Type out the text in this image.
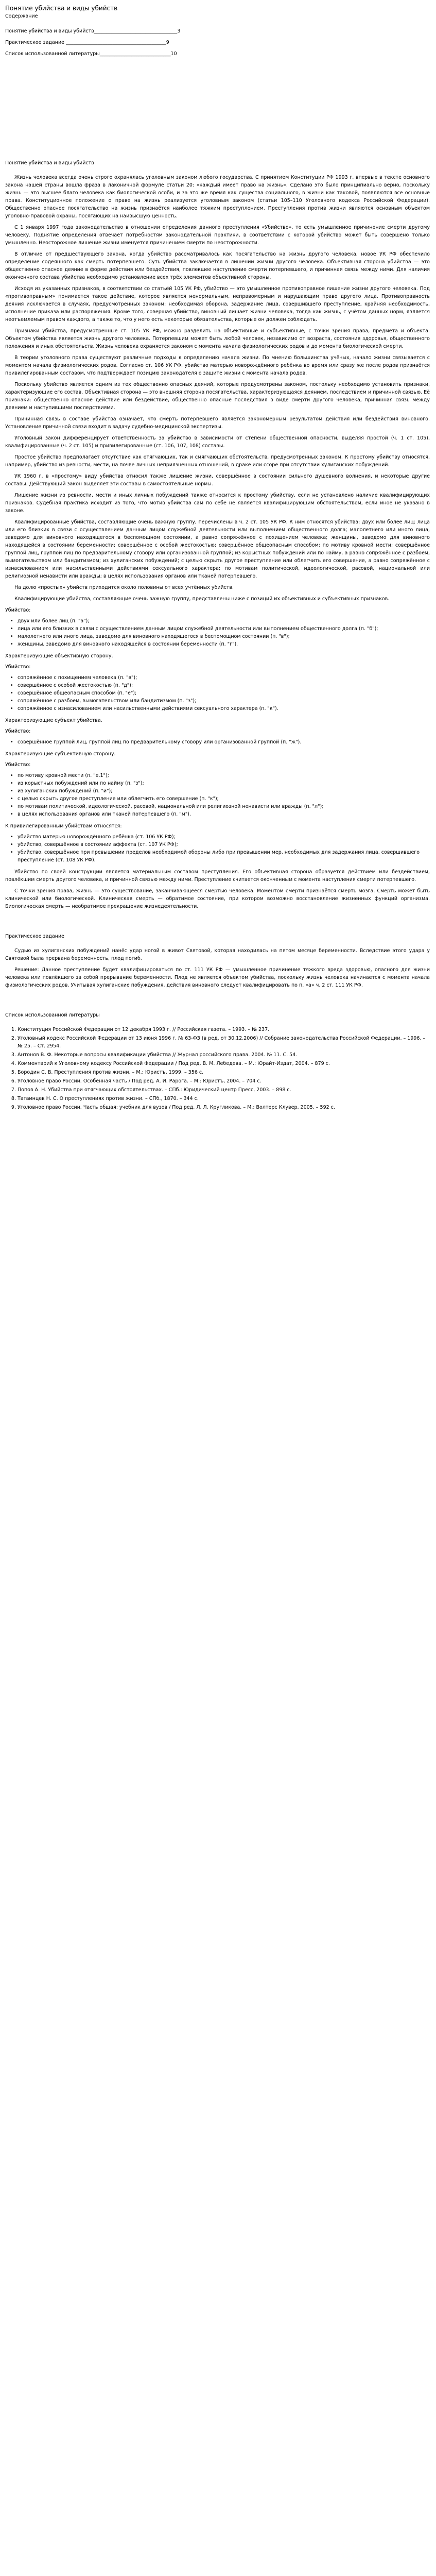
Понятие убийства и виды убийств
Содержание
Понятие убийства и виды убийств__________________________________3
Практическое задание _________________________________________9
Список использованной литературы_____________________________10
Понятие убийства и виды убийств

Жизнь человека всегда очень строго охранялась уголовным законом любого государства. С принятием Конституции РФ 1993 г. впервые в тексте основного закона нашей страны вошла фраза в лаконичной формуле статьи 20: «каждый имеет право на жизнь». Сделано это было принципиально верно, поскольку жизнь — это высшее благо человека как биологической особи, и за это же время как существа социального, в жизни как таковой, появляются все основные права. Конституционное положение о праве на жизнь реализуется уголовным законом (статьи 105–110 Уголовного кодекса Российской Федерации). Общественно опасное посягательство на жизнь признаётся наиболее тяжким преступлением. Преступления против жизни являются основным объектом уголовно-правовой охраны, посягающих на наивысшую ценность.

С 1 января 1997 года законодательство в отношении определения данного преступления «Убийство», то есть умышленное причинение смерти другому человеку. Поднятие определения отвечает потребностям законодательной практики, в соответствии с которой убийство может быть совершено только умышленно. Неосторожное лишение жизни именуется причинением смерти по неосторожности.

В отличие от предшествующего закона, когда убийство рассматривалось как посягательство на жизнь другого человека, новое УК РФ обеспечило определение содеянного как смерть потерпевшего. Суть убийства заключается в лишении жизни другого человека. Объективная сторона убийства — это общественно опасное деяние в форме действия или бездействия, повлекшее наступление смерти потерпевшего, и причинная связь между ними. Для наличия оконченного состава убийства необходимо установление всех трёх элементов объективной стороны.

Исходя из указанных признаков, в соответствии со статьёй 105 УК РФ, убийство — это умышленное противоправное лишение жизни другого человека. Под «противоправным» понимается такое действие, которое является ненормальным, неправомерным и нарушающим право другого лица. Противоправность деяния исключается в случаях, предусмотренных законом: необходимая оборона, задержание лица, совершившего преступление, крайняя необходимость, исполнение приказа или распоряжения. Кроме того, совершая убийство, виновный лишает жизни человека, тогда как жизнь, с учётом данных норм, является неотъемлемым правом каждого, а также то, что у него есть некоторые обязательства, которые он должен соблюдать.

Признаки убийства, предусмотренные ст. 105 УК РФ, можно разделить на объективные и субъективные, с точки зрения права, предмета и объекта. Объектом убийства является жизнь другого человека. Потерпевшим может быть любой человек, независимо от возраста, состояния здоровья, общественного положения и иных обстоятельств. Жизнь человека охраняется законом с момента начала физиологических родов и до момента биологической смерти.

В теории уголовного права существуют различные подходы к определению начала жизни. По мнению большинства учёных, начало жизни связывается с моментом начала физиологических родов. Согласно ст. 106 УК РФ, убийство матерью новорождённого ребёнка во время или сразу же после родов признаётся привилегированным составом, что подтверждает позицию законодателя о защите жизни с момента начала родов.

Поскольку убийство является одним из тех общественно опасных деяний, которые предусмотрены законом, постольку необходимо установить признаки, характеризующие его состав. Объективная сторона — это внешняя сторона посягательства, характеризующаяся деянием, последствием и причинной связью. Её признаки: общественно опасное действие или бездействие, общественно опасные последствия в виде смерти другого человека, причинная связь между деянием и наступившими последствиями.

Причинная связь в составе убийства означает, что смерть потерпевшего является закономерным результатом действия или бездействия виновного. Установление причинной связи входит в задачу судебно-медицинской экспертизы.

Уголовный закон дифференцирует ответственность за убийство в зависимости от степени общественной опасности, выделяя простой (ч. 1 ст. 105), квалифицированные (ч. 2 ст. 105) и привилегированные (ст. 106, 107, 108) составы.

Простое убийство предполагает отсутствие как отягчающих, так и смягчающих обстоятельств, предусмотренных законом. К простому убийству относятся, например, убийство из ревности, мести, на почве личных неприязненных отношений, в драке или ссоре при отсутствии хулиганских побуждений.

УК 1960 г. в «простому» виду убийства относил также лишение жизни, совершённое в состоянии сильного душевного волнения, и некоторые другие составы. Действующий закон выделяет эти составы в самостоятельные нормы.

Лишение жизни из ревности, мести и иных личных побуждений также относится к простому убийству, если не установлено наличие квалифицирующих признаков. Судебная практика исходит из того, что мотив убийства сам по себе не является квалифицирующим обстоятельством, если иное не указано в законе.

Квалифицированные убийства, составляющие очень важную группу, перечислены в ч. 2 ст. 105 УК РФ. К ним относятся убийства: двух или более лиц; лица или его близких в связи с осуществлением данным лицом служебной деятельности или выполнением общественного долга; малолетнего или иного лица, заведомо для виновного находящегося в беспомощном состоянии, а равно сопряжённое с похищением человека; женщины, заведомо для виновного находящейся в состоянии беременности; совершённое с особой жестокостью; совершённое общеопасным способом; по мотиву кровной мести; совершённое группой лиц, группой лиц по предварительному сговору или организованной группой; из корыстных побуждений или по найму, а равно сопряжённое с разбоем, вымогательством или бандитизмом; из хулиганских побуждений; с целью скрыть другое преступление или облегчить его совершение, а равно сопряжённое с изнасилованием или насильственными действиями сексуального характера; по мотивам политической, идеологической, расовой, национальной или религиозной ненависти или вражды; в целях использования органов или тканей потерпевшего.

На долю «простых» убийств приходится около половины от всех учтённых убийств.

Квалифицирующие убийства, составляющие очень важную группу, представлены ниже с позиций их объективных и субъективных признаков.

Убийство:
• двух или более лиц (п. "а");
• лица или его близких в связи с осуществлением данным лицом служебной деятельности или выполнением общественного долга (п. "б");
• малолетнего или иного лица, заведомо для виновного находящегося в беспомощном состоянии (п. "в");
• женщины, заведомо для виновного находящейся в состоянии беременности (п. "г").
Характеризующие объективную сторону.
Убийство:
• сопряжённое с похищением человека (п. "в");
• совершённое с особой жестокостью (п. "д");
• совершённое общеопасным способом (п. "е");
• сопряжённое с разбоем, вымогательством или бандитизмом (п. "з");
• сопряжённое с изнасилованием или насильственными действиями сексуального характера (п. "к").
Характеризующие субъект убийства.
Убийство:
• совершённое группой лиц, группой лиц по предварительному сговору или организованной группой (п. "ж").
Характеризующие субъективную сторону.
Убийство:
• по мотиву кровной мести (п. "е.1");
• из корыстных побуждений или по найму (п. "з");
• из хулиганских побуждений (п. "и");
• с целью скрыть другое преступление или облегчить его совершение (п. "к");
• по мотивам политической, идеологической, расовой, национальной или религиозной ненависти или вражды (п. "л");
• в целях использования органов или тканей потерпевшего (п. "м").
К привилегированным убийствам относятся:
• убийство матерью новорождённого ребёнка (ст. 106 УК РФ);
• убийство, совершённое в состоянии аффекта (ст. 107 УК РФ);
• убийство, совершённое при превышении пределов необходимой обороны либо при превышении мер, необходимых для задержания лица, совершившего преступление (ст. 108 УК РФ).

Убийство по своей конструкции является материальным составом преступления. Его объективная сторона образуется действием или бездействием, повлёкшим смерть другого человека, и причинной связью между ними. Преступление считается оконченным с момента наступления смерти потерпевшего.

С точки зрения права, жизнь — это существование, заканчивающееся смертью человека. Моментом смерти признаётся смерть мозга. Смерть может быть клинической или биологической. Клиническая смерть — обратимое состояние, при котором возможно восстановление жизненных функций организма. Биологическая смерть — необратимое прекращение жизнедеятельности.

Практическое задание

Судью из хулиганских побуждений нанёс удар ногой в живот Святовой, которая находилась на пятом месяце беременности. Вследствие этого удара у Святовой была прервана беременность, плод погиб.

Решение: Данное преступление будет квалифицироваться по ст. 111 УК РФ — умышленное причинение тяжкого вреда здоровью, опасного для жизни человека или повлёкшего за собой прерывание беременности. Плод не является объектом убийства, поскольку жизнь человека начинается с момента начала физиологических родов. Учитывая хулиганские побуждения, действия виновного следует квалифицировать по п. «а» ч. 2 ст. 111 УК РФ.

Список использованной литературы
1. Конституция Российской Федерации от 12 декабря 1993 г. // Российская газета. – 1993. – № 237.
2. Уголовный кодекс Российской Федерации от 13 июня 1996 г. № 63-ФЗ (в ред. от 30.12.2006) // Собрание законодательства Российской Федерации. – 1996. – № 25. – Ст. 2954.
3. Антонов В. Ф. Некоторые вопросы квалификации убийства // Журнал российского права. 2004. № 11. С. 54.
4. Комментарий к Уголовному кодексу Российской Федерации / Под ред. В. М. Лебедева. – М.: Юрайт-Издат, 2004. – 879 с.
5. Бородин С. В. Преступления против жизни. – М.: Юристъ, 1999. – 356 с.
6. Уголовное право России. Особенная часть / Под ред. А. И. Рарога. – М.: Юристъ, 2004. – 704 с.
7. Попов А. Н. Убийства при отягчающих обстоятельствах. – СПб.: Юридический центр Пресс, 2003. – 898 с.
8. Тагаинцев Н. С. О преступлениях против жизни. – СПб., 1870. – 344 с.
9. Уголовное право России. Часть общая: учебник для вузов / Под ред. Л. Л. Кругликова. – М.: Волтерс Клувер, 2005. – 592 с.
